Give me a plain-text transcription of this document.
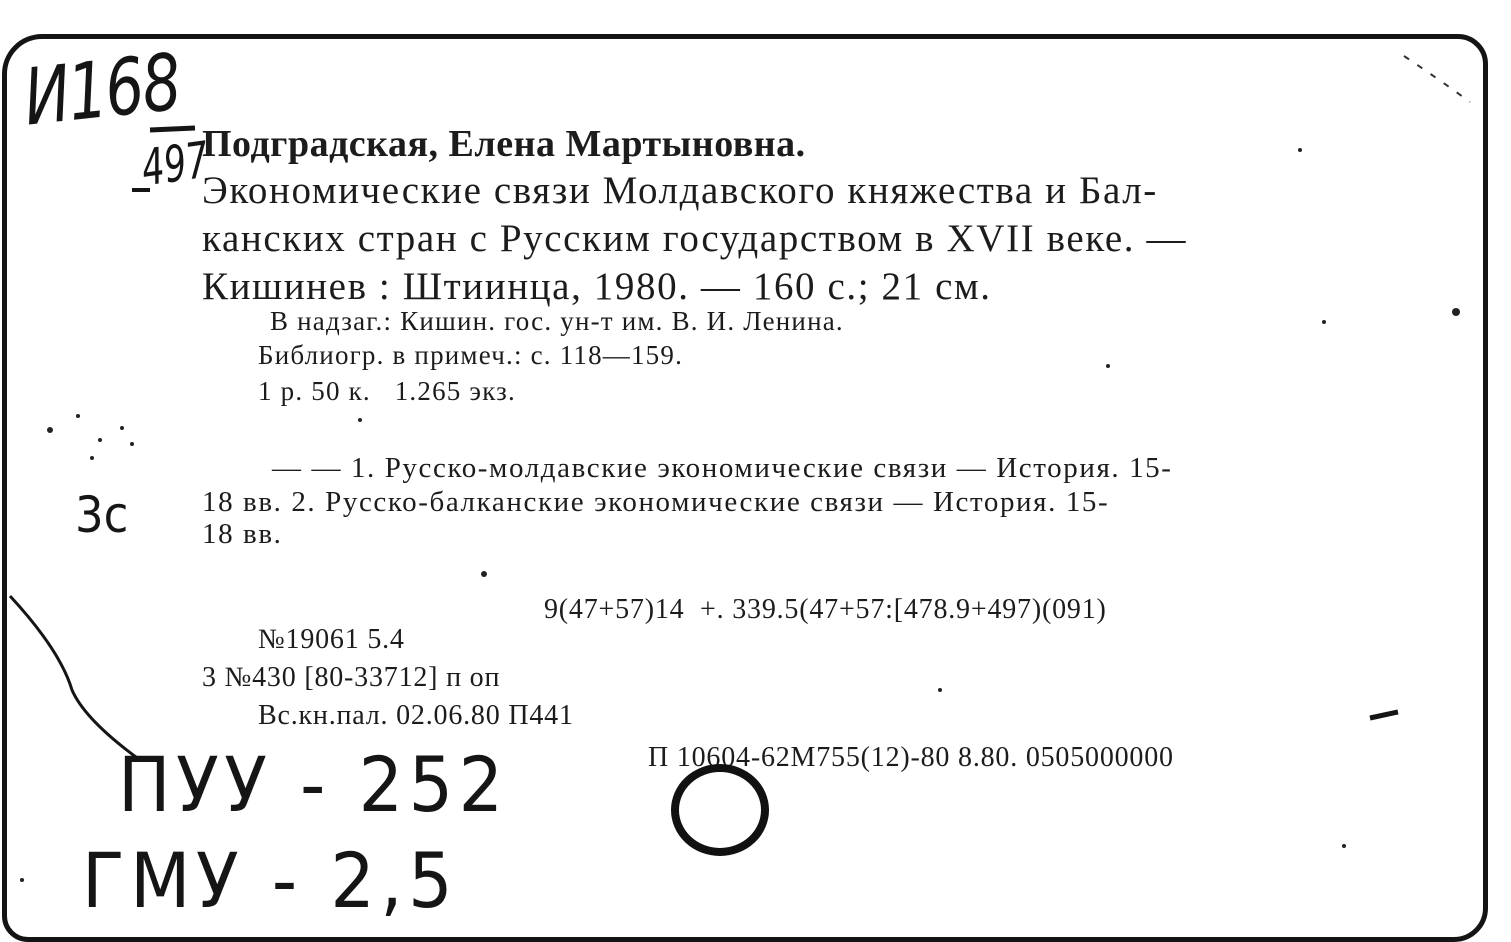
И168
497
Подградская, Елена Мартыновна.
Экономические связи Молдавского княжества и Бал-
канских стран с Русским государством в XVII веке. —
Кишинев : Штиинца, 1980. — 160 с.; 21 см.
В надзаг.: Кишин. гос. ун-т им. В. И. Ленина.
Библиогр. в примеч.: с. 118—159.
1 р. 50 к.   1.265 экз.
— — 1. Русско-молдавские экономические связи — История. 15-
18 вв. 2. Русско-балканские экономические связи — История. 15-
18 вв.
3с
9(47+57)14  +. 339.5(47+57:[478.9+497)(091)
№19061 5.4
3 №430 [80-33712] п оп
Вс.кн.пал. 02.06.80 П441
П 10604-62М755(12)-80 8.80. 0505000000
ПУУ - 252
ГМУ - 2,5
